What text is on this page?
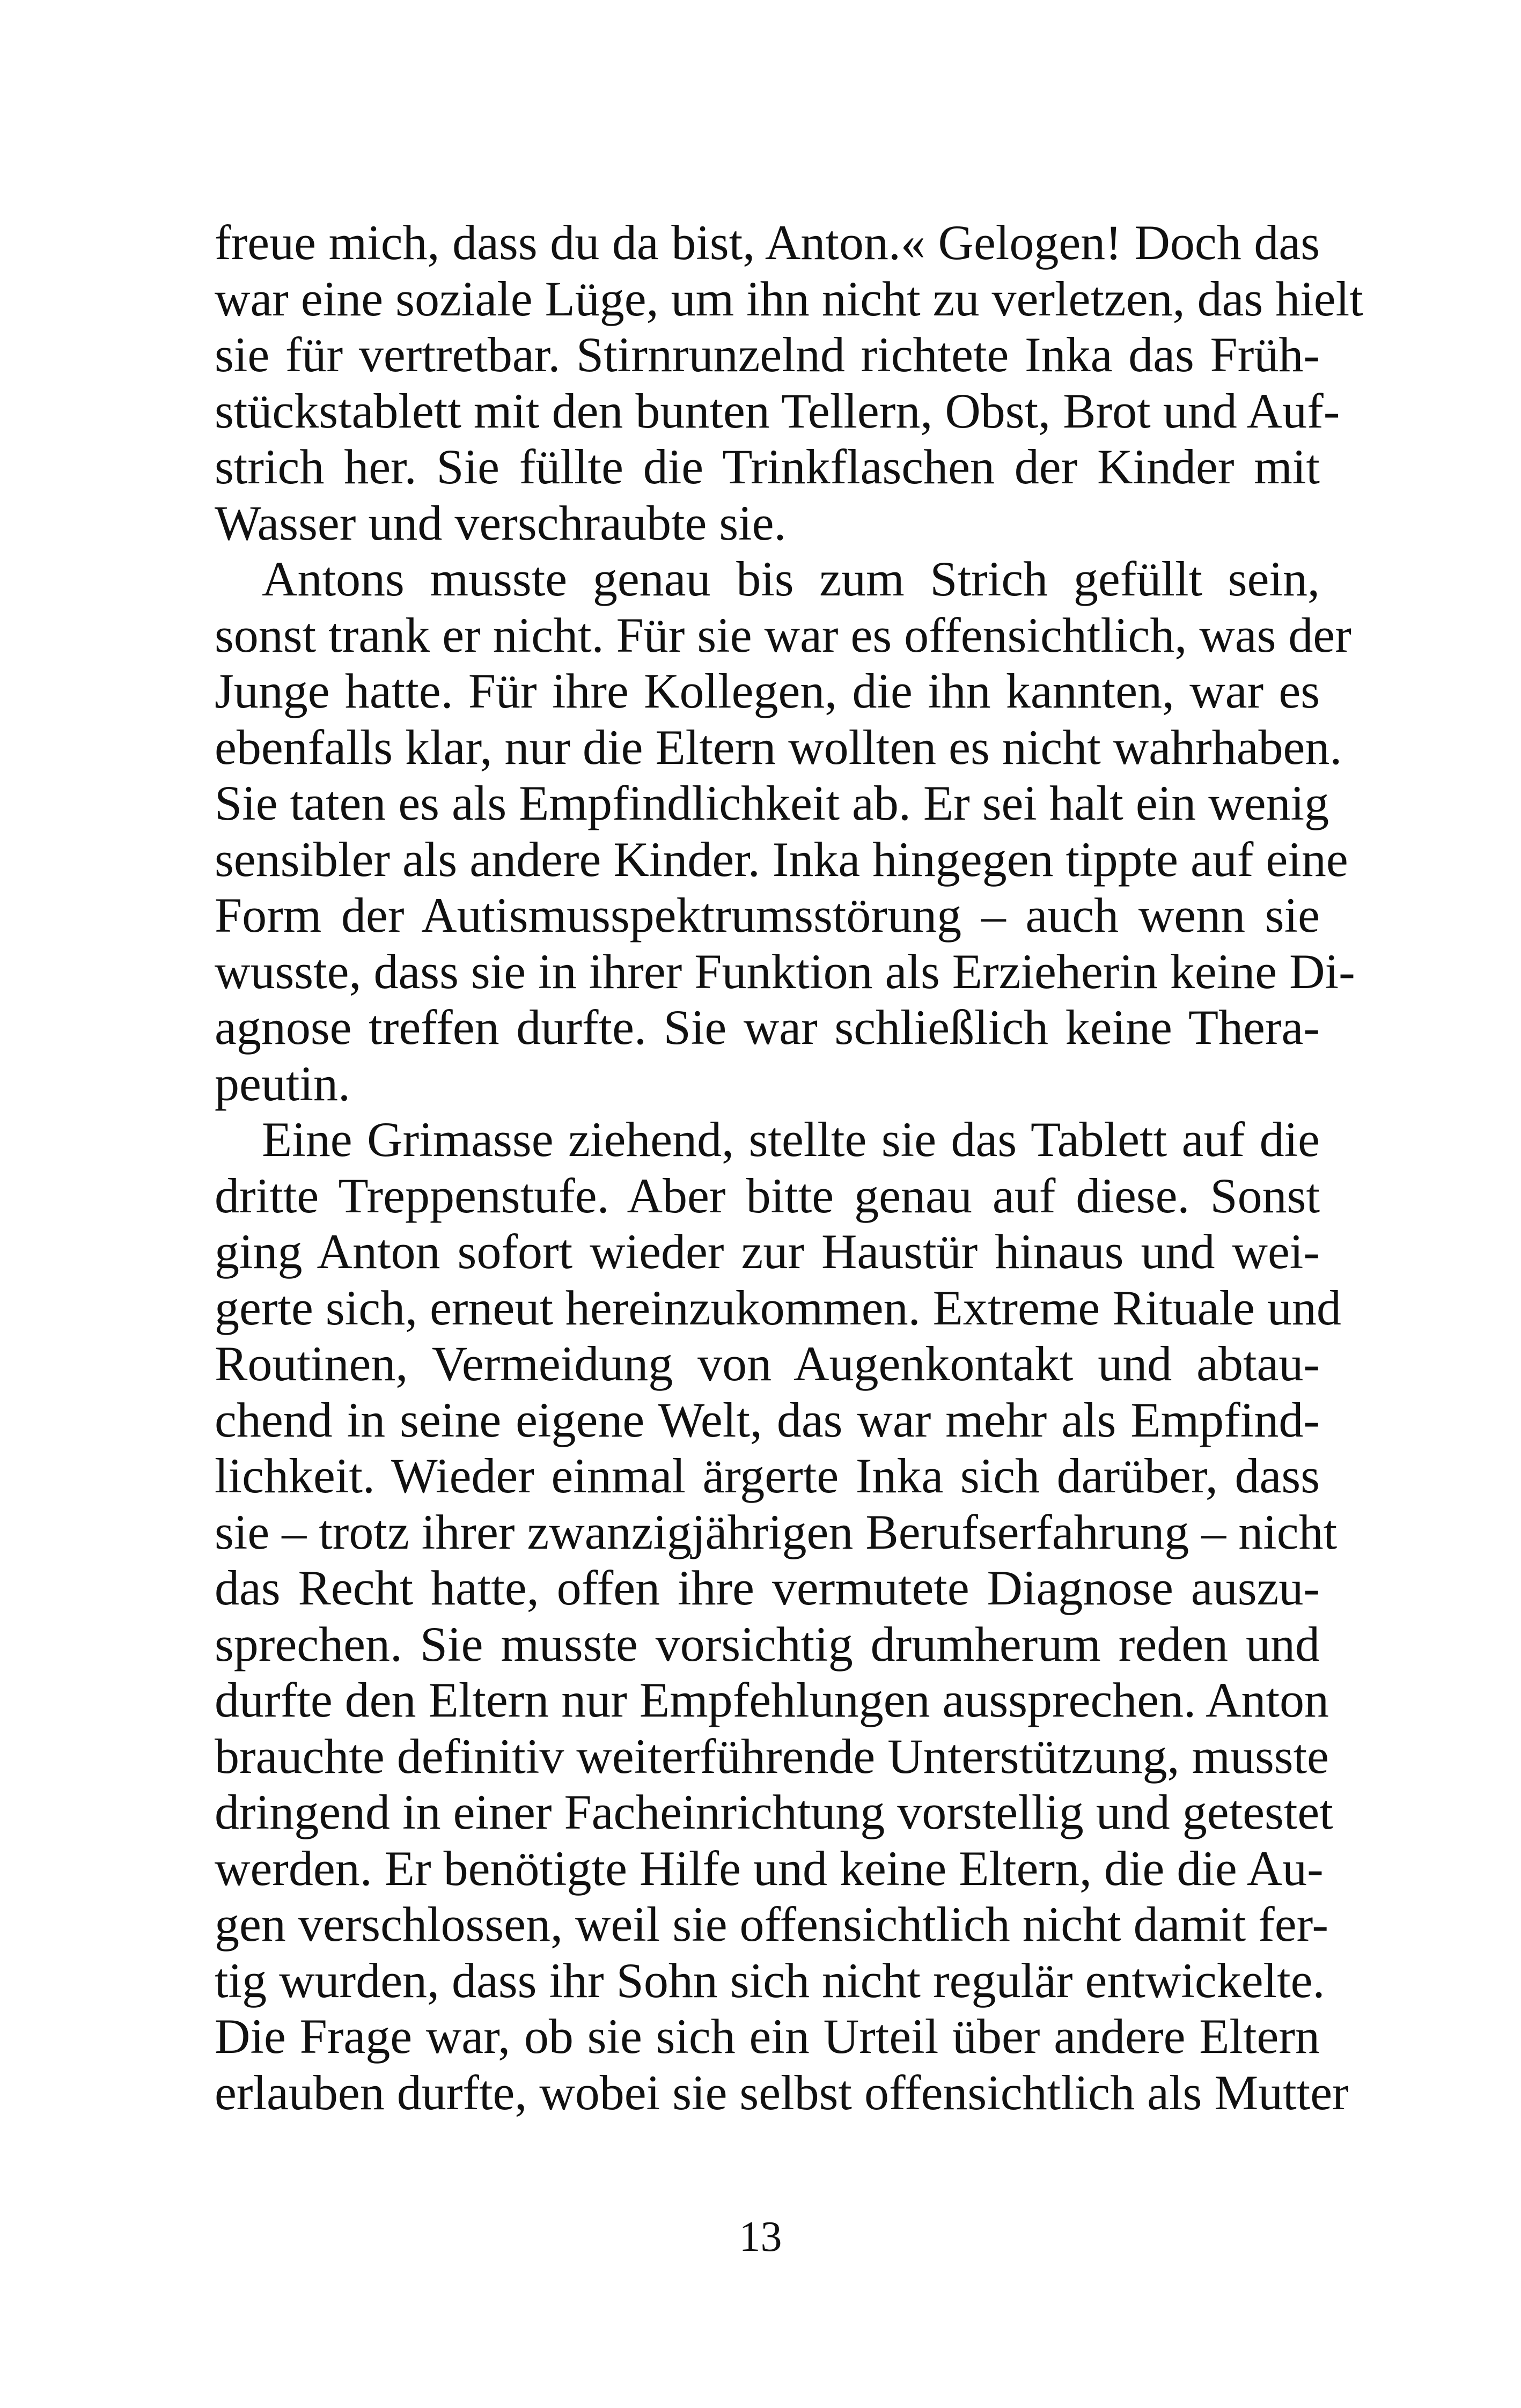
freue mich, dass du da bist, Anton.« Gelogen! Doch das
war eine soziale Lüge, um ihn nicht zu verletzen, das hielt
sie für vertretbar. Stirnrunzelnd richtete Inka das Früh-
stückstablett mit den bunten Tellern, Obst, Brot und Auf-
strich her. Sie füllte die Trinkflaschen der Kinder mit
Wasser und verschraubte sie.
Antons musste genau bis zum Strich gefüllt sein,
sonst trank er nicht. Für sie war es offensichtlich, was der
Junge hatte. Für ihre Kollegen, die ihn kannten, war es
ebenfalls klar, nur die Eltern wollten es nicht wahrhaben.
Sie taten es als Empfindlichkeit ab. Er sei halt ein wenig
sensibler als andere Kinder. Inka hingegen tippte auf eine
Form der Autismusspektrumsstörung – auch wenn sie
wusste, dass sie in ihrer Funktion als Erzieherin keine Di-
agnose treffen durfte. Sie war schließlich keine Thera-
peutin.
Eine Grimasse ziehend, stellte sie das Tablett auf die
dritte Treppenstufe. Aber bitte genau auf diese. Sonst
ging Anton sofort wieder zur Haustür hinaus und wei-
gerte sich, erneut hereinzukommen. Extreme Rituale und
Routinen, Vermeidung von Augenkontakt und abtau-
chend in seine eigene Welt, das war mehr als Empfind-
lichkeit. Wieder einmal ärgerte Inka sich darüber, dass
sie – trotz ihrer zwanzigjährigen Berufserfahrung – nicht
das Recht hatte, offen ihre vermutete Diagnose auszu-
sprechen. Sie musste vorsichtig drumherum reden und
durfte den Eltern nur Empfehlungen aussprechen. Anton
brauchte definitiv weiterführende Unterstützung, musste
dringend in einer Facheinrichtung vorstellig und getestet
werden. Er benötigte Hilfe und keine Eltern, die die Au-
gen verschlossen, weil sie offensichtlich nicht damit fer-
tig wurden, dass ihr Sohn sich nicht regulär entwickelte.
Die Frage war, ob sie sich ein Urteil über andere Eltern
erlauben durfte, wobei sie selbst offensichtlich als Mutter
13
